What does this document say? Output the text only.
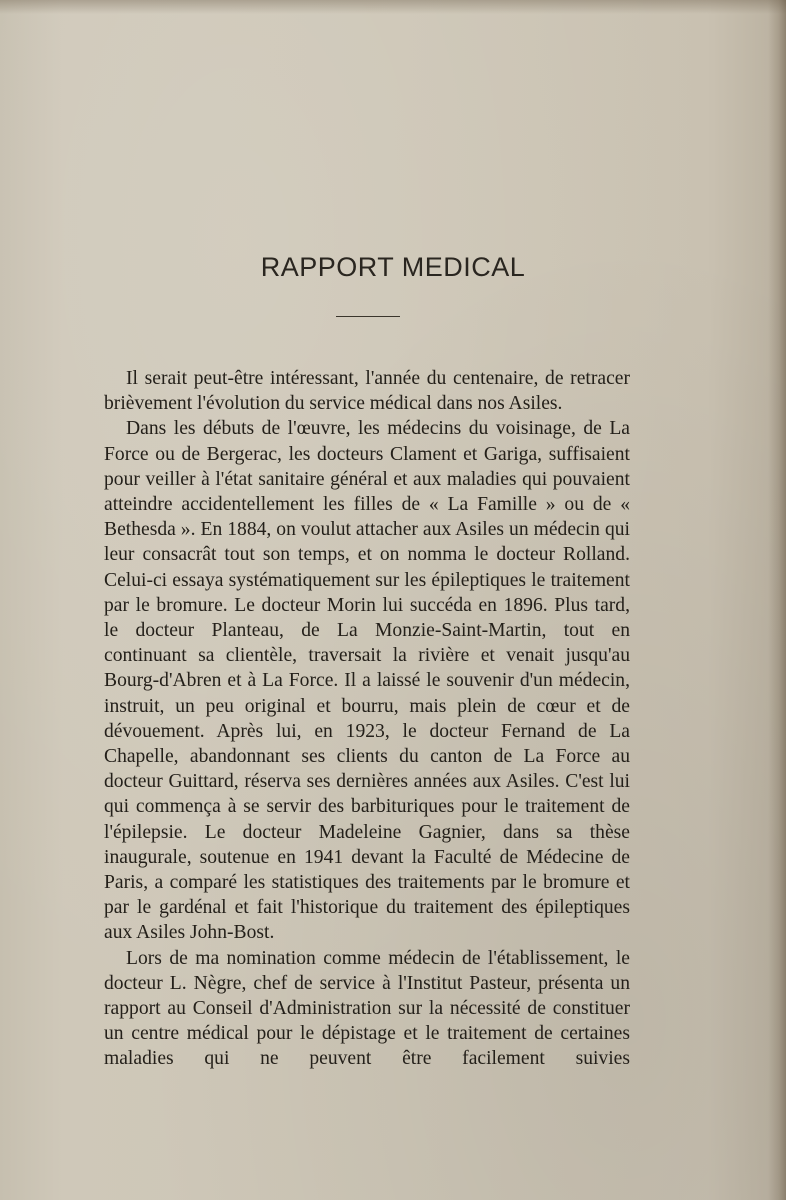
RAPPORT MEDICAL

Il serait peut-être intéressant, l'année du centenaire, de retracer brièvement l'évolution du service médical dans nos Asiles.

Dans les débuts de l'œuvre, les médecins du voisinage, de La Force ou de Bergerac, les docteurs Clament et Gariga, suffisaient pour veiller à l'état sanitaire général et aux maladies qui pouvaient atteindre accidentellement les filles de « La Famille » ou de « Bethesda ». En 1884, on voulut attacher aux Asiles un médecin qui leur consacrât tout son temps, et on nomma le docteur Rolland. Celui-ci essaya systématiquement sur les épileptiques le traitement par le bromure. Le docteur Morin lui succéda en 1896. Plus tard, le docteur Planteau, de La Monzie-Saint-Martin, tout en continuant sa clientèle, traversait la rivière et venait jusqu'au Bourg-d'Abren et à La Force. Il a laissé le souvenir d'un médecin, instruit, un peu original et bourru, mais plein de cœur et de dévouement. Après lui, en 1923, le docteur Fernand de La Chapelle, abandonnant ses clients du canton de La Force au docteur Guittard, réserva ses dernières années aux Asiles. C'est lui qui commença à se servir des barbituriques pour le traitement de l'épilepsie. Le docteur Madeleine Gagnier, dans sa thèse inaugurale, soutenue en 1941 devant la Faculté de Médecine de Paris, a comparé les statistiques des traitements par le bromure et par le gardénal et fait l'historique du traitement des épileptiques aux Asiles John-Bost.

Lors de ma nomination comme médecin de l'établissement, le docteur L. Nègre, chef de service à l'Institut Pasteur, présenta un rapport au Conseil d'Administration sur la nécessité de constituer un centre médical pour le dépistage et le traitement de certaines maladies qui ne peuvent être facilement suivies
